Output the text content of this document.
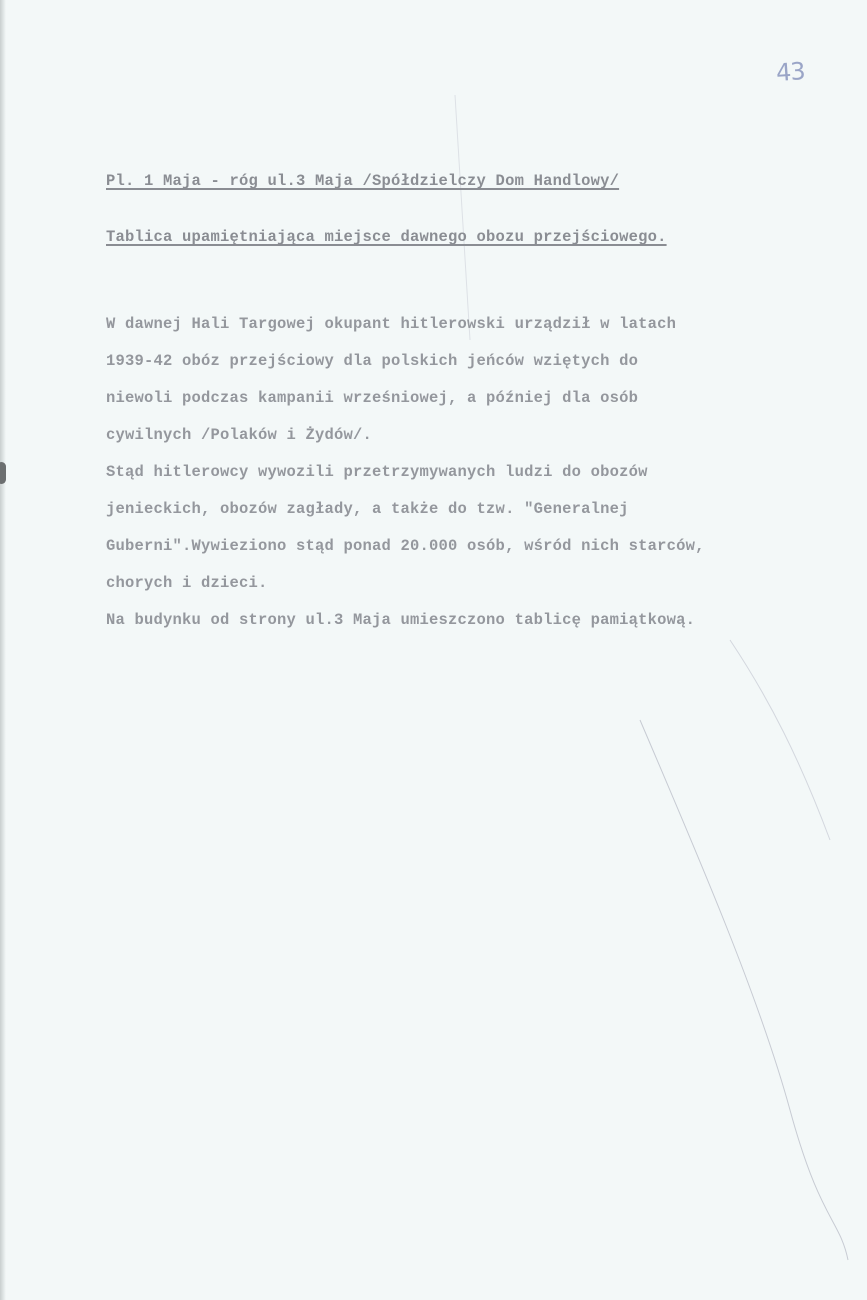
43

Pl. 1 Maja - róg ul.3 Maja /Spółdzielczy Dom Handlowy/

Tablica upamiętniająca miejsce dawnego obozu przejściowego.

W dawnej Hali Targowej okupant hitlerowski urządził w latach
1939-42 obóz przejściowy dla polskich jeńców wziętych do
niewoli podczas kampanii wrześniowej, a później dla osób
cywilnych /Polaków i Żydów/.
Stąd hitlerowcy wywozili przetrzymywanych ludzi do obozów
jenieckich, obozów zagłady, a także do tzw. "Generalnej
Guberni".Wywieziono stąd ponad 20.000 osób, wśród nich starców,
chorych i dzieci.
Na budynku od strony ul.3 Maja umieszczono tablicę pamiątkową.
